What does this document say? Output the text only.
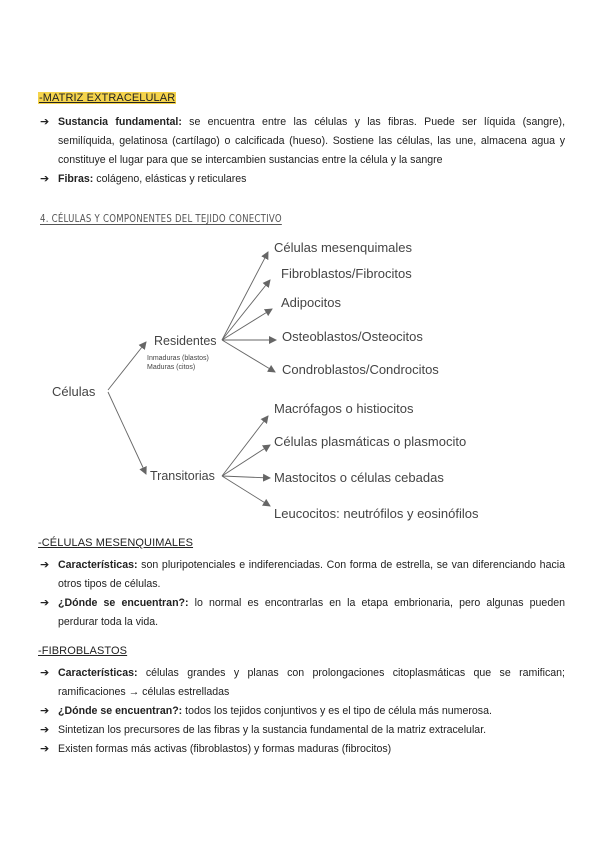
-MATRIZ EXTRACELULAR
➔ Sustancia fundamental: se encuentra entre las células y las fibras. Puede ser líquida (sangre), semilíquida, gelatinosa (cartílago) o calcificada (hueso). Sostiene las células, las une, almacena agua y constituye el lugar para que se intercambien sustancias entre la célula y la sangre
➔ Fibras: colágeno, elásticas y reticulares
4. CÉLULAS Y COMPONENTES DEL TEJIDO CONECTIVO
Células
Residentes
Inmaduras (blastos)
Maduras (citos)
Transitorias
Células mesenquimales
Fibroblastos/Fibrocitos
Adipocitos
Osteoblastos/Osteocitos
Condroblastos/Condrocitos
Macrófagos o histiocitos
Células plasmáticas o plasmocito
Mastocitos o células cebadas
Leucocitos: neutrófilos y eosinófilos
-CÉLULAS MESENQUIMALES
➔ Características: son pluripotenciales e indiferenciadas. Con forma de estrella, se van diferenciando hacia otros tipos de células.
➔ ¿Dónde se encuentran?: lo normal es encontrarlas en la etapa embrionaria, pero algunas pueden perdurar toda la vida.
-FIBROBLASTOS
➔ Características: células grandes y planas con prolongaciones citoplasmáticas que se ramifican; ramificaciones → células estrelladas
➔ ¿Dónde se encuentran?: todos los tejidos conjuntivos y es el tipo de célula más numerosa.
➔ Sintetizan los precursores de las fibras y la sustancia fundamental de la matriz extracelular.
➔ Existen formas más activas (fibroblastos) y formas maduras (fibrocitos)
